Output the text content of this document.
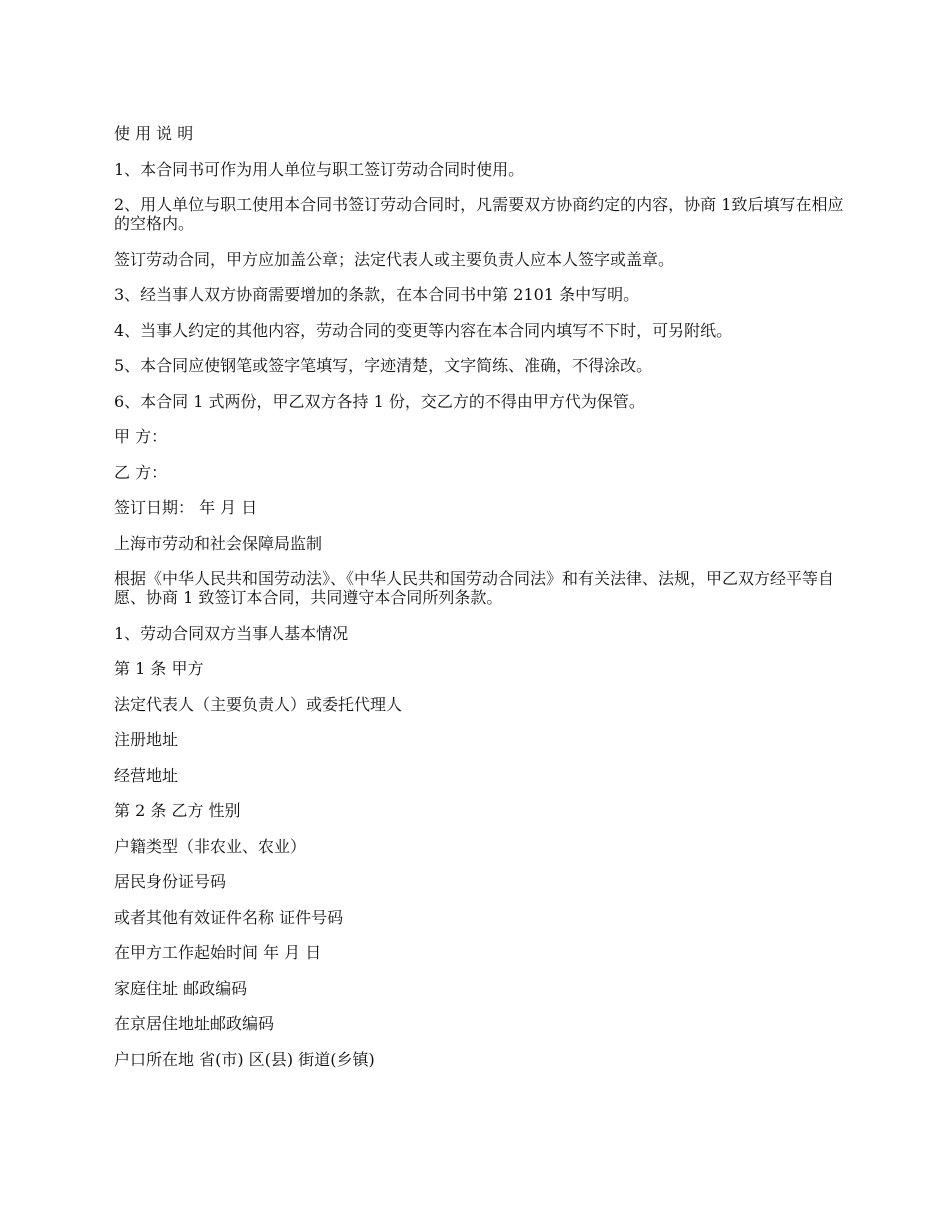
使 用 说 明

1、本合同书可作为用人单位与职工签订劳动合同时使用。

2、用人单位与职工使用本合同书签订劳动合同时，凡需要双方协商约定的内容，协商 1致后填写在相应的空格内。

签订劳动合同，甲方应加盖公章；法定代表人或主要负责人应本人签字或盖章。

3、经当事人双方协商需要增加的条款，在本合同书中第 2101 条中写明。

4、当事人约定的其他内容，劳动合同的变更等内容在本合同内填写不下时，可另附纸。

5、本合同应使钢笔或签字笔填写，字迹清楚，文字简练、准确，不得涂改。

6、本合同 1 式两份，甲乙双方各持 1 份，交乙方的不得由甲方代为保管。

甲 方：

乙 方：

签订日期： 年 月 日

上海市劳动和社会保障局监制

根据《中华人民共和国劳动法》、《中华人民共和国劳动合同法》和有关法律、法规，甲乙双方经平等自愿、协商 1 致签订本合同，共同遵守本合同所列条款。

1、劳动合同双方当事人基本情况

第 1 条 甲方

法定代表人（主要负责人）或委托代理人

注册地址

经营地址

第 2 条 乙方 性别

户籍类型（非农业、农业）

居民身份证号码

或者其他有效证件名称 证件号码

在甲方工作起始时间 年 月 日

家庭住址 邮政编码

在京居住地址邮政编码

户口所在地 省(市) 区(县) 街道(乡镇)
